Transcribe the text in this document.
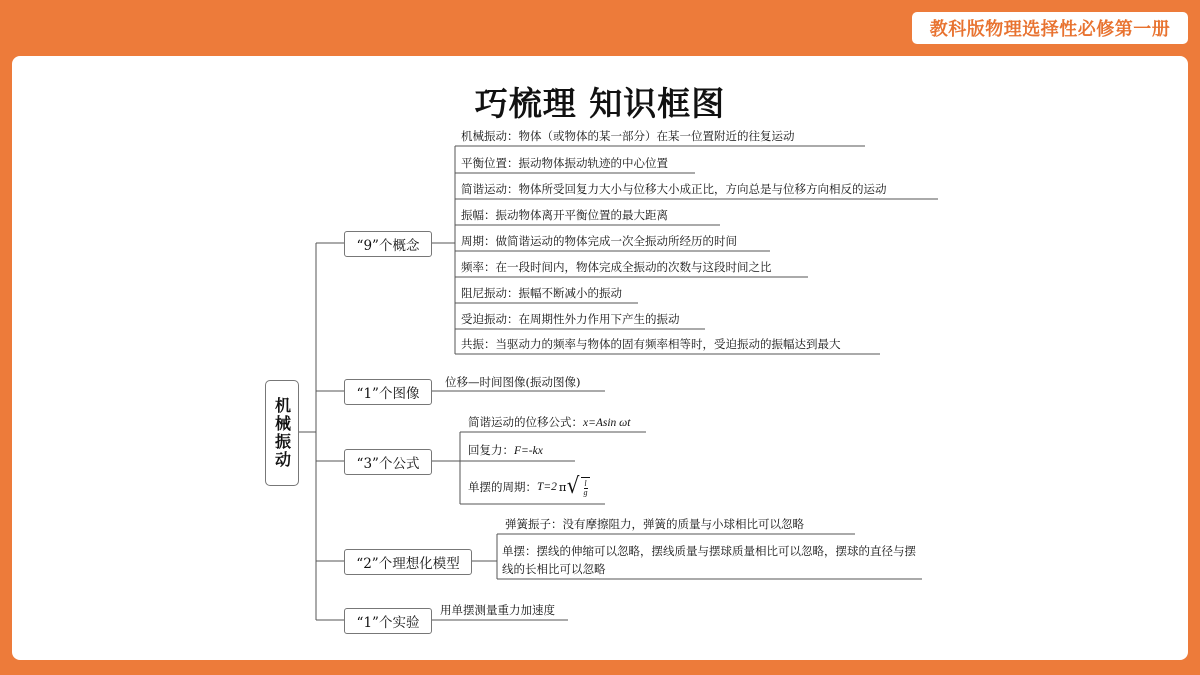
教科版物理选择性必修第一册
巧梳理 知识框图
机械振动
“9”个概念
“1”个图像
“3”个公式
“2”个理想化模型
“1”个实验
机械振动：物体（或物体的某一部分）在某一位置附近的往复运动
平衡位置：振动物体振动轨迹的中心位置
简谐运动：物体所受回复力大小与位移大小成正比，方向总是与位移方向相反的运动
振幅：振动物体离开平衡位置的最大距离
周期：做简谐运动的物体完成一次全振动所经历的时间
频率：在一段时间内，物体完成全振动的次数与这段时间之比
阻尼振动：振幅不断减小的振动
受迫振动：在周期性外力作用下产生的振动
共振：当驱动力的频率与物体的固有频率相等时，受迫振动的振幅达到最大
位移—时间图像(振动图像)
简谐运动的位移公式：x=Asin ωt
回复力：F=-kx
单摆的周期： T=2 π √ $\frac{l}{g}$
弹簧振子：没有摩擦阻力，弹簧的质量与小球相比可以忽略
单摆：摆线的伸缩可以忽略，摆线质量与摆球质量相比可以忽略，摆球的直径与摆线的长相比可以忽略
用单摆测量重力加速度
